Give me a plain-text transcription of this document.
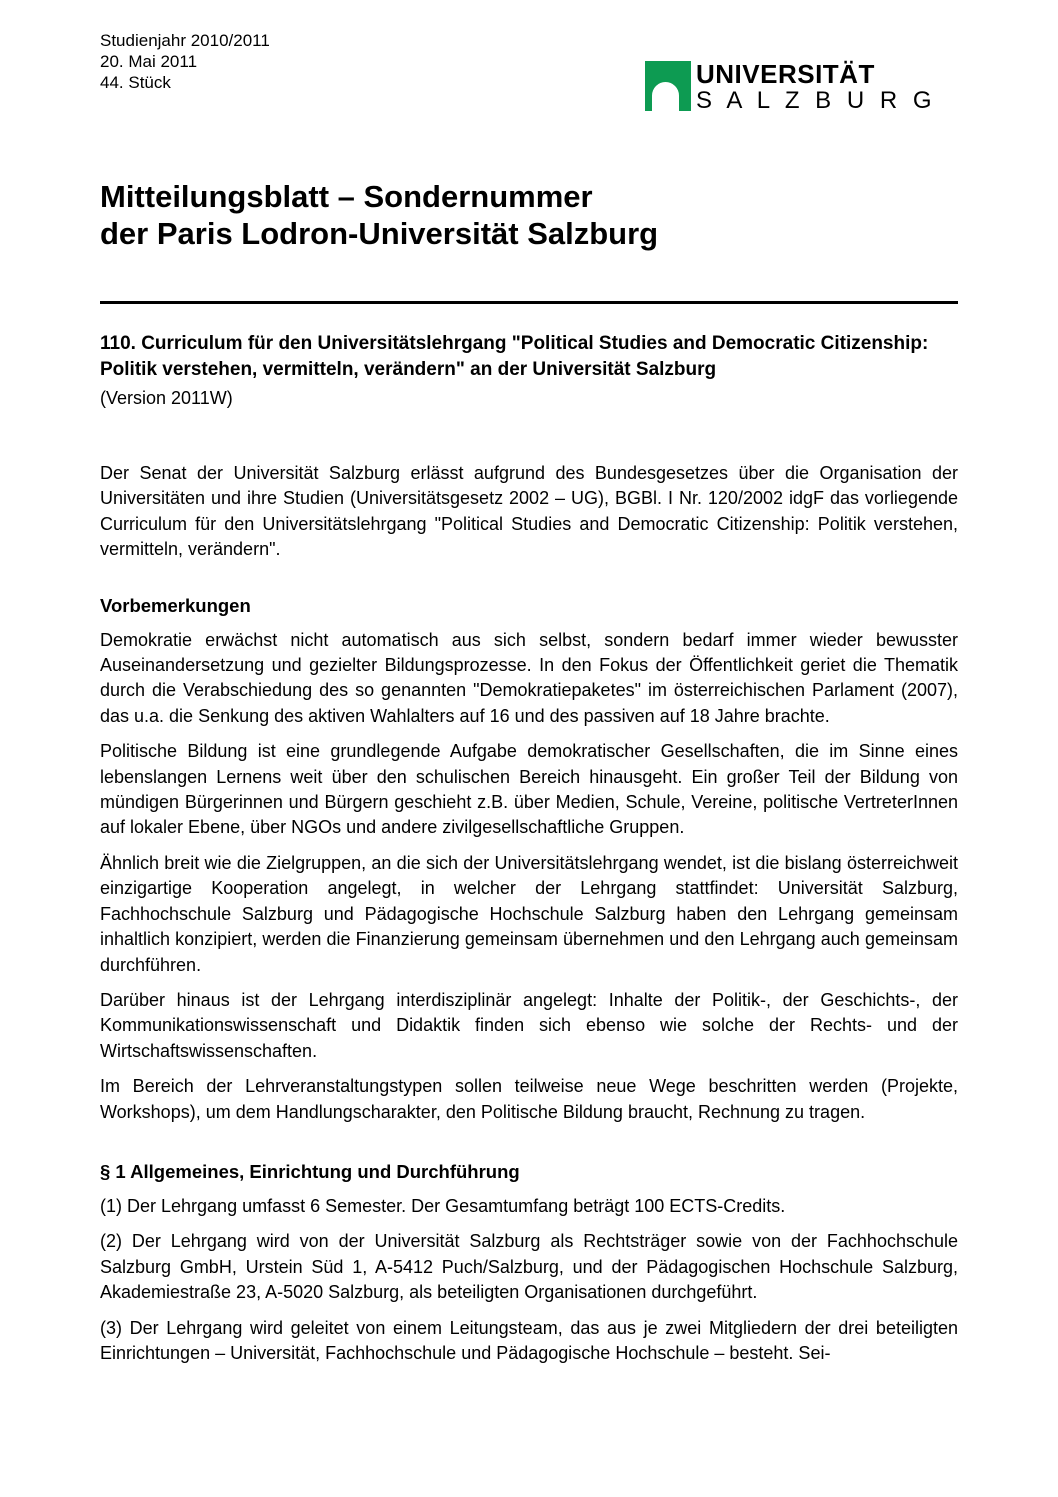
Studienjahr 2010/2011
20. Mai 2011
44. Stück	UNIVERSITÄT
S A L Z B U R G
Mitteilungsblatt – Sondernummer
der Paris Lodron-Universität Salzburg
110. Curriculum für den Universitätslehrgang "Political Studies and Democratic Citizenship: Politik verstehen, vermitteln, verändern" an der Universität Salzburg

(Version 2011W)

Der Senat der Universität Salzburg erlässt aufgrund des Bundesgesetzes über die Organisation der Universitäten und ihre Studien (Universitätsgesetz 2002 – UG), BGBl. I Nr. 120/2002 idgF das vorliegende Curriculum für den Universitätslehrgang "Political Studies and Democratic Citizenship: Politik verstehen, vermitteln, verändern".

Vorbemerkungen

Demokratie erwächst nicht automatisch aus sich selbst, sondern bedarf immer wieder bewusster Auseinandersetzung und gezielter Bildungsprozesse. In den Fokus der Öffentlichkeit geriet die Thematik durch die Verabschiedung des so genannten "Demokratiepaketes" im österreichischen Parlament (2007), das u.a. die Senkung des aktiven Wahlalters auf 16 und des passiven auf 18 Jahre brachte.

Politische Bildung ist eine grundlegende Aufgabe demokratischer Gesellschaften, die im Sinne eines lebenslangen Lernens weit über den schulischen Bereich hinausgeht. Ein großer Teil der Bildung von mündigen Bürgerinnen und Bürgern geschieht z.B. über Medien, Schule, Vereine, politische VertreterInnen auf lokaler Ebene, über NGOs und andere zivilgesellschaftliche Gruppen.

Ähnlich breit wie die Zielgruppen, an die sich der Universitätslehrgang wendet, ist die bislang österreichweit einzigartige Kooperation angelegt, in welcher der Lehrgang stattfindet: Universität Salzburg, Fachhochschule Salzburg und Pädagogische Hochschule Salzburg haben den Lehrgang gemeinsam inhaltlich konzipiert, werden die Finanzierung gemeinsam übernehmen und den Lehrgang auch gemeinsam durchführen.

Darüber hinaus ist der Lehrgang interdisziplinär angelegt: Inhalte der Politik-, der Geschichts-, der Kommunikationswissenschaft und Didaktik finden sich ebenso wie solche der Rechts- und der Wirtschaftswissenschaften.

Im Bereich der Lehrveranstaltungstypen sollen teilweise neue Wege beschritten werden (Projekte, Workshops), um dem Handlungscharakter, den Politische Bildung braucht, Rechnung zu tragen.

§ 1 Allgemeines, Einrichtung und Durchführung

(1) Der Lehrgang umfasst 6 Semester. Der Gesamtumfang beträgt 100 ECTS-Credits.

(2) Der Lehrgang wird von der Universität Salzburg als Rechtsträger sowie von der Fachhochschule Salzburg GmbH, Urstein Süd 1, A-5412 Puch/Salzburg, und der Pädagogischen Hochschule Salzburg, Akademiestraße 23, A-5020 Salzburg, als beteiligten Organisationen durchgeführt.

(3) Der Lehrgang wird geleitet von einem Leitungsteam, das aus je zwei Mitgliedern der drei beteiligten Einrichtungen – Universität, Fachhochschule und Pädagogische Hochschule – besteht. Sei-
